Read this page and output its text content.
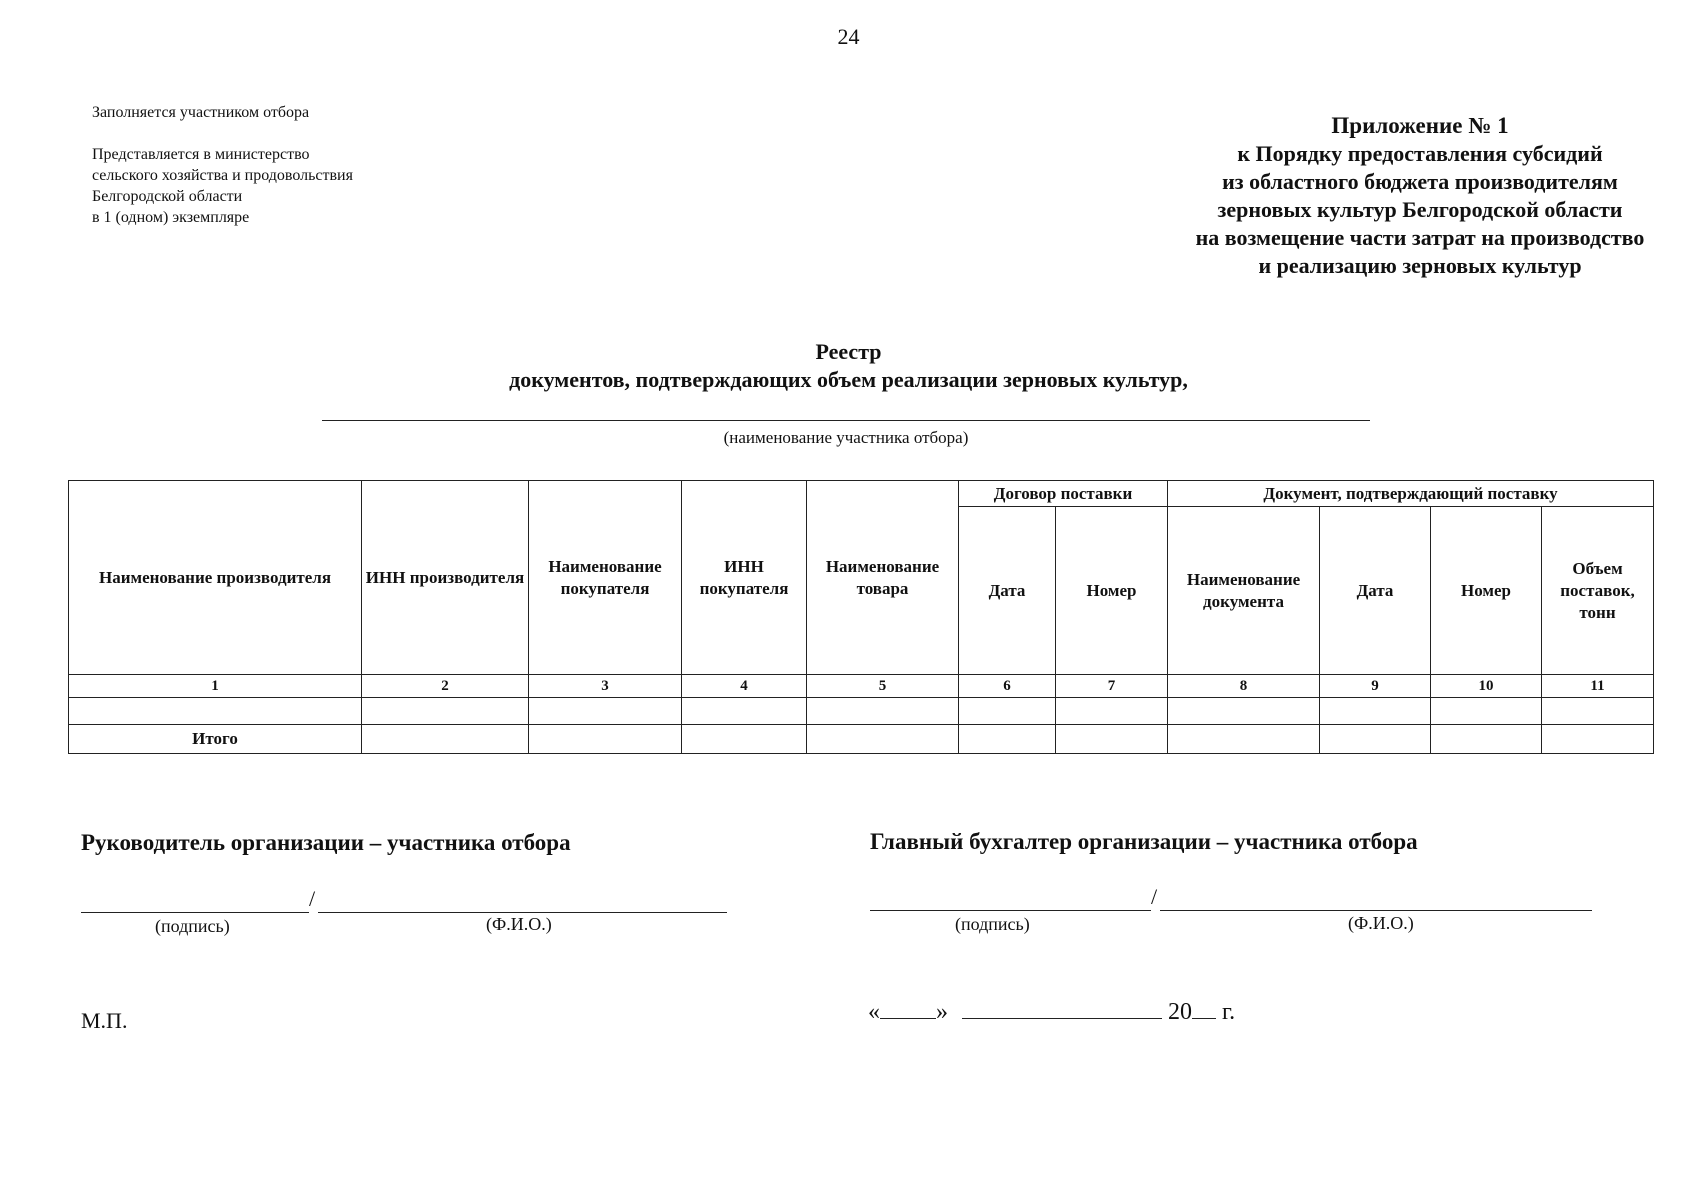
24
Заполняется участником отбора
Представляется в министерство
сельского хозяйства и продовольствия
Белгородской области
в 1 (одном) экземпляре
Приложение № 1
к Порядку предоставления субсидий
из областного бюджета производителям
зерновых культур Белгородской области
на возмещение части затрат на производство
и реализацию зерновых культур
Реестр
документов, подтверждающих объем реализации зерновых культур,
(наименование участника отбора)
Наименование производителя	ИНН производителя	Наименование покупателя	ИНН покупателя	Наименование товара	Договор поставки		Документ, подтверждающий поставку			
					Дата	Номер	Наименование документа	Дата	Номер	Объем поставок, тонн
1	2	3	4	5	6	7	8	9	10	11

Итого										
Руководитель организации – участника отбора
/
(подпись)	(Ф.И.О.)
Главный бухгалтер организации – участника отбора
/
(подпись)	(Ф.И.О.)
М.П.	« »	20 г.
